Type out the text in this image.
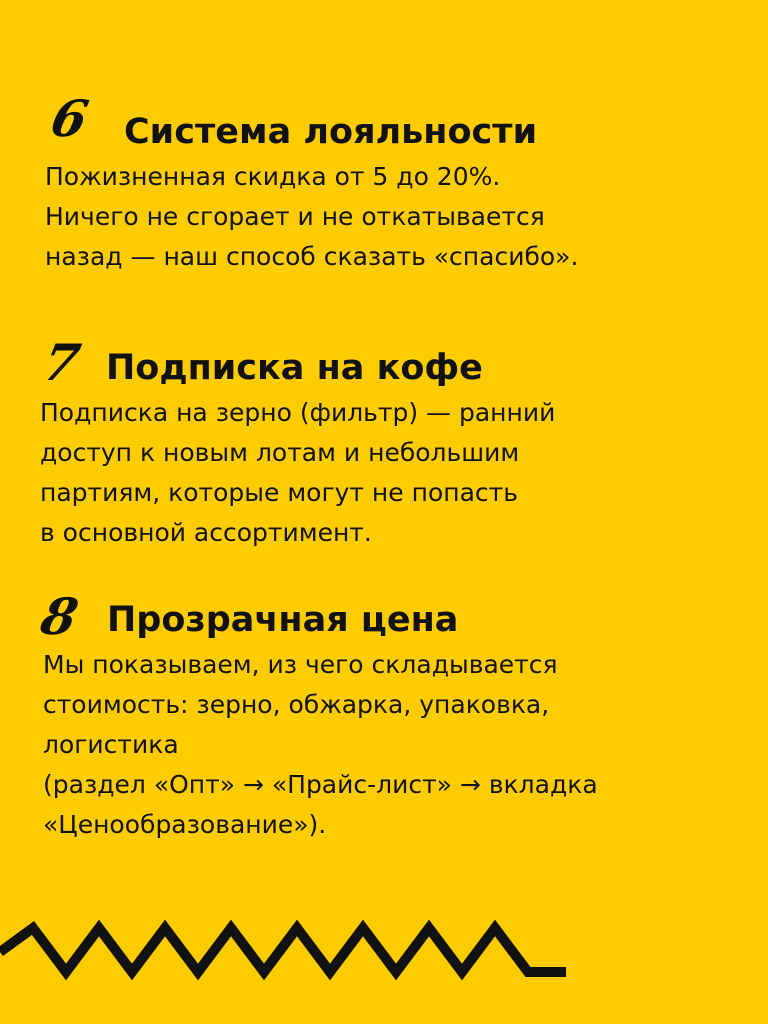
6 Система лояльности
Пожизненная скидка от 5 до 20%.
Ничего не сгорает и не откатывается
назад — наш способ сказать «спасибо».
7 Подписка на кофе
Подписка на зерно (фильтр) — ранний
доступ к новым лотам и небольшим
партиям, которые могут не попасть
в основной ассортимент.
8 Прозрачная цена
Мы показываем, из чего складывается
стоимость: зерно, обжарка, упаковка,
логистика
(раздел «Опт» → «Прайс-лист» → вкладка
«Ценообразование»).
